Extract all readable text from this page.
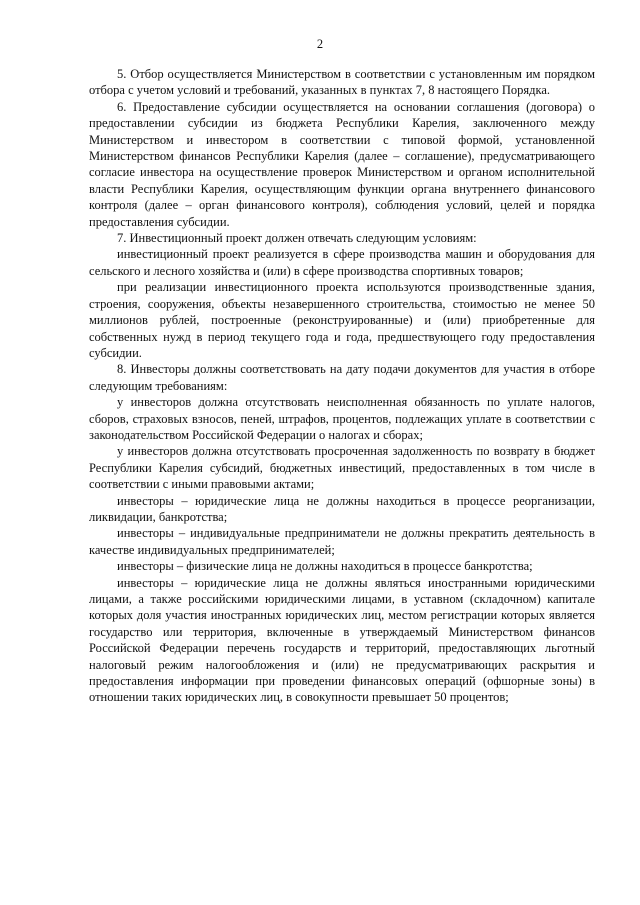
2

5. Отбор осуществляется Министерством в соответствии с установленным им порядком отбора с учетом условий и требований, указанных в пунктах 7, 8 настоящего Порядка.

6. Предоставление субсидии осуществляется на основании соглашения (договора) о предоставлении субсидии из бюджета Республики Карелия, заключенного между Министерством и инвестором в соответствии с типовой формой, установленной Министерством финансов Республики Карелия (далее – соглашение), предусматривающего согласие инвестора на осуществление проверок Министерством и органом исполнительной власти Республики Карелия, осуществляющим функции органа внутреннего финансового контроля (далее – орган финансового контроля), соблюдения условий, целей и порядка предоставления субсидии.

7. Инвестиционный проект должен отвечать следующим условиям:

инвестиционный проект реализуется в сфере производства машин и оборудования для сельского и лесного хозяйства и (или) в сфере производства спортивных товаров;

при реализации инвестиционного проекта используются производственные здания, строения, сооружения, объекты незавершенного строительства, стоимостью не менее 50 миллионов рублей, построенные (реконструированные) и (или) приобретенные для собственных нужд в период текущего года и года, предшествующего году предоставления субсидии.

8. Инвесторы должны соответствовать на дату подачи документов для участия в отборе следующим требованиям:

у инвесторов должна отсутствовать неисполненная обязанность по уплате налогов, сборов, страховых взносов, пеней, штрафов, процентов, подлежащих уплате в соответствии с законодательством Российской Федерации о налогах и сборах;

у инвесторов должна отсутствовать просроченная задолженность по возврату в бюджет Республики Карелия субсидий, бюджетных инвестиций, предоставленных в том числе в соответствии с иными правовыми актами;

инвесторы – юридические лица не должны находиться в процессе реорганизации, ликвидации, банкротства;

инвесторы – индивидуальные предприниматели не должны прекратить деятельность в качестве индивидуальных предпринимателей;

инвесторы – физические лица не должны находиться в процессе банкротства;

инвесторы – юридические лица не должны являться иностранными юридическими лицами, а также российскими юридическими лицами, в уставном (складочном) капитале которых доля участия иностранных юридических лиц, местом регистрации которых является государство или территория, включенные в утверждаемый Министерством финансов Российской Федерации перечень государств и территорий, предоставляющих льготный налоговый режим налогообложения и (или) не предусматривающих раскрытия и предоставления информации при проведении финансовых операций (офшорные зоны) в отношении таких юридических лиц, в совокупности превышает 50 процентов;
